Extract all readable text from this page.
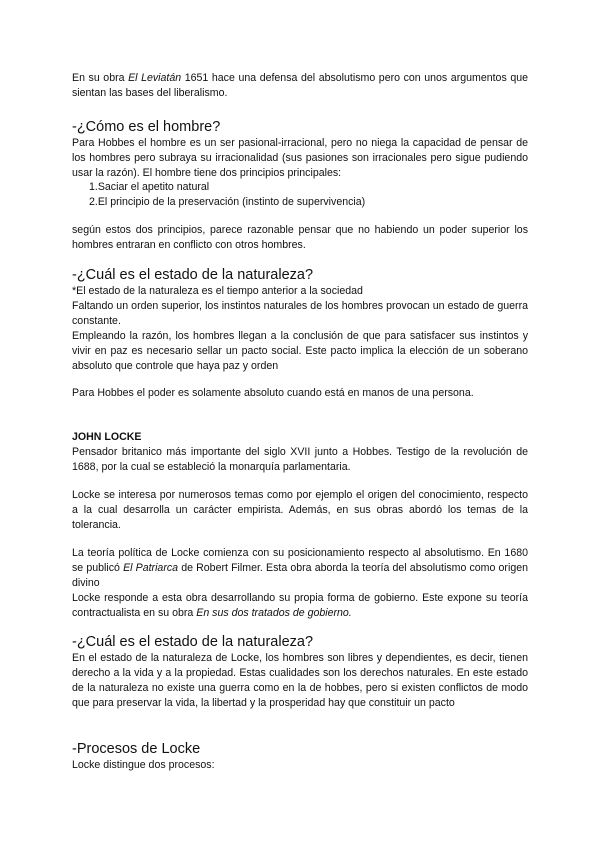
En su obra El Leviatán 1651 hace una defensa del absolutismo pero con unos argumentos que sientan las bases del liberalismo.

-¿Cómo es el hombre?

Para Hobbes el hombre es un ser pasional-irracional, pero no niega la capacidad de pensar de los hombres pero subraya su irracionalidad (sus pasiones son irracionales pero sigue pudiendo usar la razón). El hombre tiene dos principios principales:

1.Saciar el apetito natural

2.El principio de la preservación (instinto de supervivencia)

según estos dos principios, parece razonable pensar que no habiendo un poder superior los hombres entraran en conflicto con otros hombres.

-¿Cuál es el estado de la naturaleza?

*El estado de la naturaleza es el tiempo anterior a la sociedad

Faltando un orden superior, los instintos naturales de los hombres provocan un estado de guerra constante.

Empleando la razón, los hombres llegan a la conclusión de que para satisfacer sus instintos y vivir en paz es necesario sellar un pacto social. Este pacto implica la elección de un soberano absoluto que controle que haya paz y orden

Para Hobbes el poder es solamente absoluto cuando está en manos de una persona.

JOHN LOCKE

Pensador britanico más importante del siglo XVII junto a Hobbes. Testigo de la revolución de 1688, por la cual se estableció la monarquía parlamentaria.

Locke se interesa por numerosos temas como por ejemplo el origen del conocimiento, respecto a la cual desarrolla un carácter empirista. Además, en sus obras abordó los temas de la tolerancia.

La teoría política de Locke comienza con su posicionamiento respecto al absolutismo. En 1680 se publicó El Patriarca de Robert Filmer. Esta obra aborda la teoría del absolutismo como origen divino

Locke responde a esta obra desarrollando su propia forma de gobierno. Este expone su teoría contractualista en su obra En sus dos tratados de gobierno.

-¿Cuál es el estado de la naturaleza?

En el estado de la naturaleza de Locke, los hombres son libres y dependientes, es decir, tienen derecho a la vida y a la propiedad. Estas cualidades son los derechos naturales. En este estado de la naturaleza no existe una guerra como en la de hobbes, pero si existen conflictos de modo que para preservar la vida, la libertad y la prosperidad hay que constituir un pacto

-Procesos de Locke

Locke distingue dos procesos:
